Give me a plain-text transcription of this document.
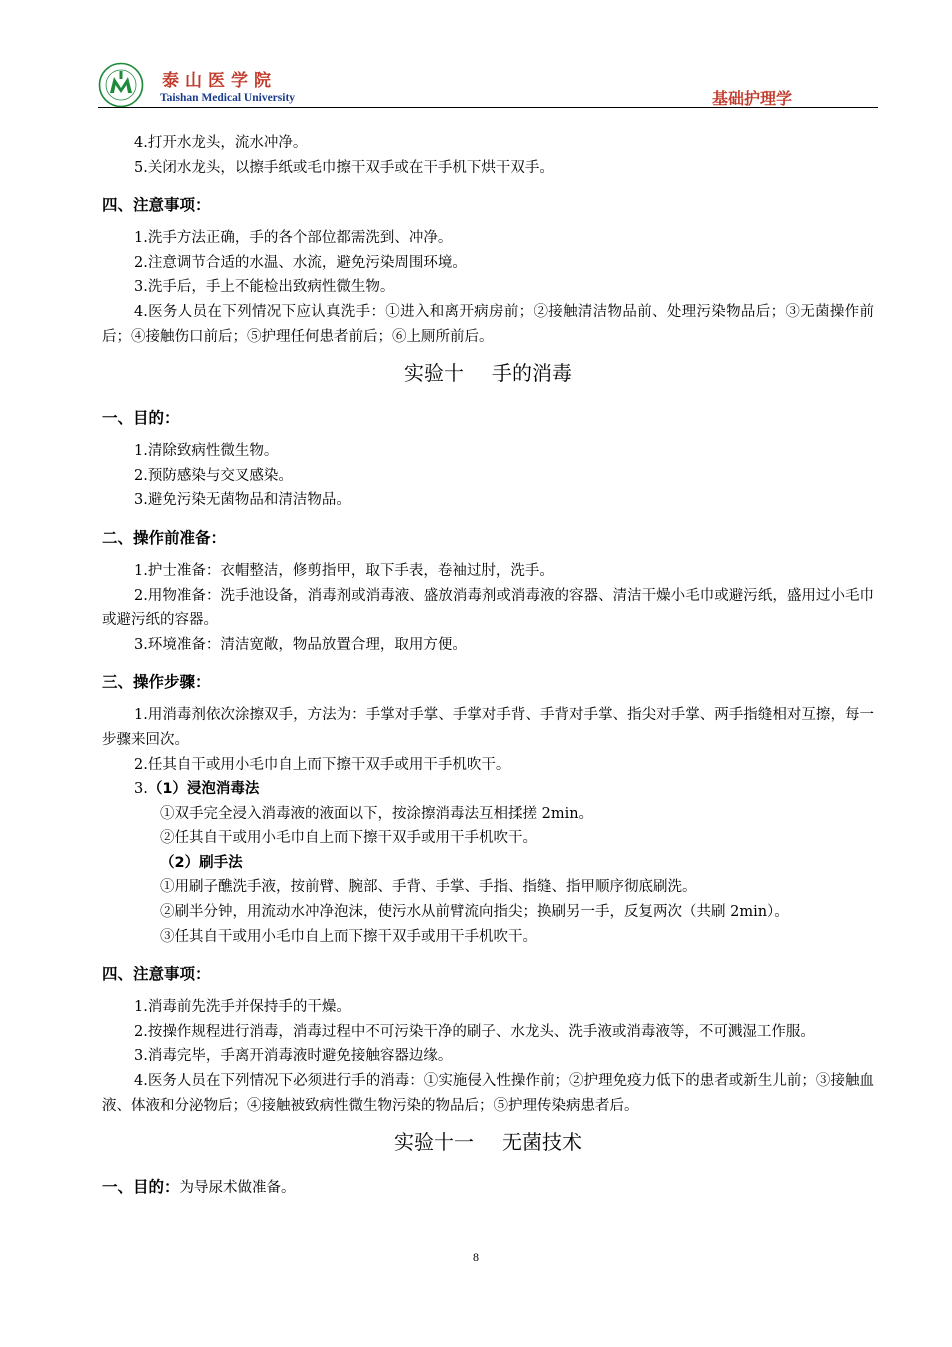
泰山医学院
Taishan Medical University	基础护理学
4.打开水龙头，流水冲净。
5.关闭水龙头，以擦手纸或毛巾擦干双手或在干手机下烘干双手。
四、注意事项：
1.洗手方法正确，手的各个部位都需洗到、冲净。
2.注意调节合适的水温、水流，避免污染周围环境。
3.洗手后，手上不能检出致病性微生物。
4.医务人员在下列情况下应认真洗手：①进入和离开病房前；②接触清洁物品前、处理污染物品后；③无菌操作前后；④接触伤口前后；⑤护理任何患者前后；⑥上厕所前后。
实验十 手的消毒
一、目的：
1.清除致病性微生物。
2.预防感染与交叉感染。
3.避免污染无菌物品和清洁物品。
二、操作前准备：
1.护士准备：衣帽整洁，修剪指甲，取下手表，卷袖过肘，洗手。
2.用物准备：洗手池设备，消毒剂或消毒液、盛放消毒剂或消毒液的容器、清洁干燥小毛巾或避污纸，盛用过小毛巾或避污纸的容器。
3.环境准备：清洁宽敞，物品放置合理，取用方便。
三、操作步骤：
1.用消毒剂依次涂擦双手，方法为：手掌对手掌、手掌对手背、手背对手掌、指尖对手掌、两手指缝相对互擦，每一步骤来回次。
2.任其自干或用小毛巾自上而下擦干双手或用干手机吹干。
3.（1）浸泡消毒法
①双手完全浸入消毒液的液面以下，按涂擦消毒法互相揉搓 2min。
②任其自干或用小毛巾自上而下擦干双手或用干手机吹干。
（2）刷手法
①用刷子醮洗手液，按前臂、腕部、手背、手掌、手指、指缝、指甲顺序彻底刷洗。
②刷半分钟，用流动水冲净泡沫，使污水从前臂流向指尖；换刷另一手，反复两次（共刷 2min）。
③任其自干或用小毛巾自上而下擦干双手或用干手机吹干。
四、注意事项：
1.消毒前先洗手并保持手的干燥。
2.按操作规程进行消毒，消毒过程中不可污染干净的刷子、水龙头、洗手液或消毒液等，不可溅湿工作服。
3.消毒完毕，手离开消毒液时避免接触容器边缘。
4.医务人员在下列情况下必须进行手的消毒：①实施侵入性操作前；②护理免疫力低下的患者或新生儿前；③接触血液、体液和分泌物后；④接触被致病性微生物污染的物品后；⑤护理传染病患者后。
实验十一 无菌技术
一、目的：为导尿术做准备。
8
